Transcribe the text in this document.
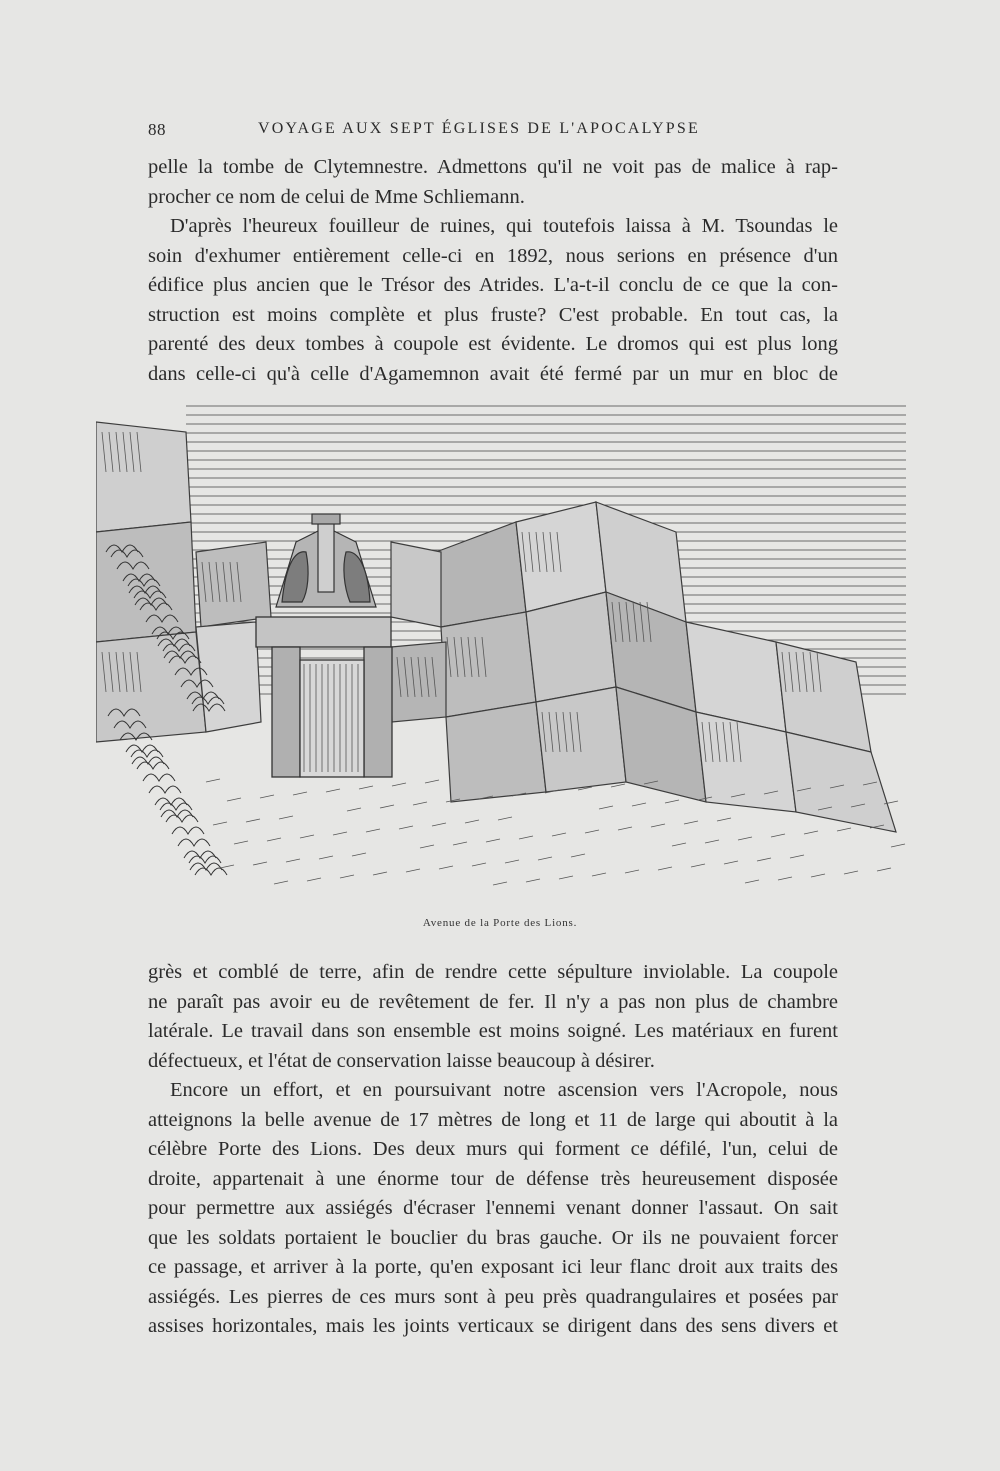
88	VOYAGE AUX SEPT ÉGLISES DE L'APOCALYPSE
pelle la tombe de Clytemnestre. Admettons qu'il ne voit pas de malice à rap-
procher ce nom de celui de Mme Schliemann.
D'après l'heureux fouilleur de ruines, qui toutefois laissa à M. Tsoundas le
soin d'exhumer entièrement celle-ci en 1892, nous serions en présence d'un
édifice plus ancien que le Trésor des Atrides. L'a-t-il conclu de ce que la con-
struction est moins complète et plus fruste? C'est probable. En tout cas, la
parenté des deux tombes à coupole est évidente. Le dromos qui est plus long
dans celle-ci qu'à celle d'Agamemnon avait été fermé par un mur en bloc de
Avenue de la Porte des Lions.
grès et comblé de terre, afin de rendre cette sépulture inviolable. La coupole
ne paraît pas avoir eu de revêtement de fer. Il n'y a pas non plus de chambre
latérale. Le travail dans son ensemble est moins soigné. Les matériaux en furent
défectueux, et l'état de conservation laisse beaucoup à désirer.
Encore un effort, et en poursuivant notre ascension vers l'Acropole, nous
atteignons la belle avenue de 17 mètres de long et 11 de large qui aboutit à la
célèbre Porte des Lions. Des deux murs qui forment ce défilé, l'un, celui de
droite, appartenait à une énorme tour de défense très heureusement disposée
pour permettre aux assiégés d'écraser l'ennemi venant donner l'assaut. On sait
que les soldats portaient le bouclier du bras gauche. Or ils ne pouvaient forcer
ce passage, et arriver à la porte, qu'en exposant ici leur flanc droit aux traits des
assiégés. Les pierres de ces murs sont à peu près quadrangulaires et posées par
assises horizontales, mais les joints verticaux se dirigent dans des sens divers et
